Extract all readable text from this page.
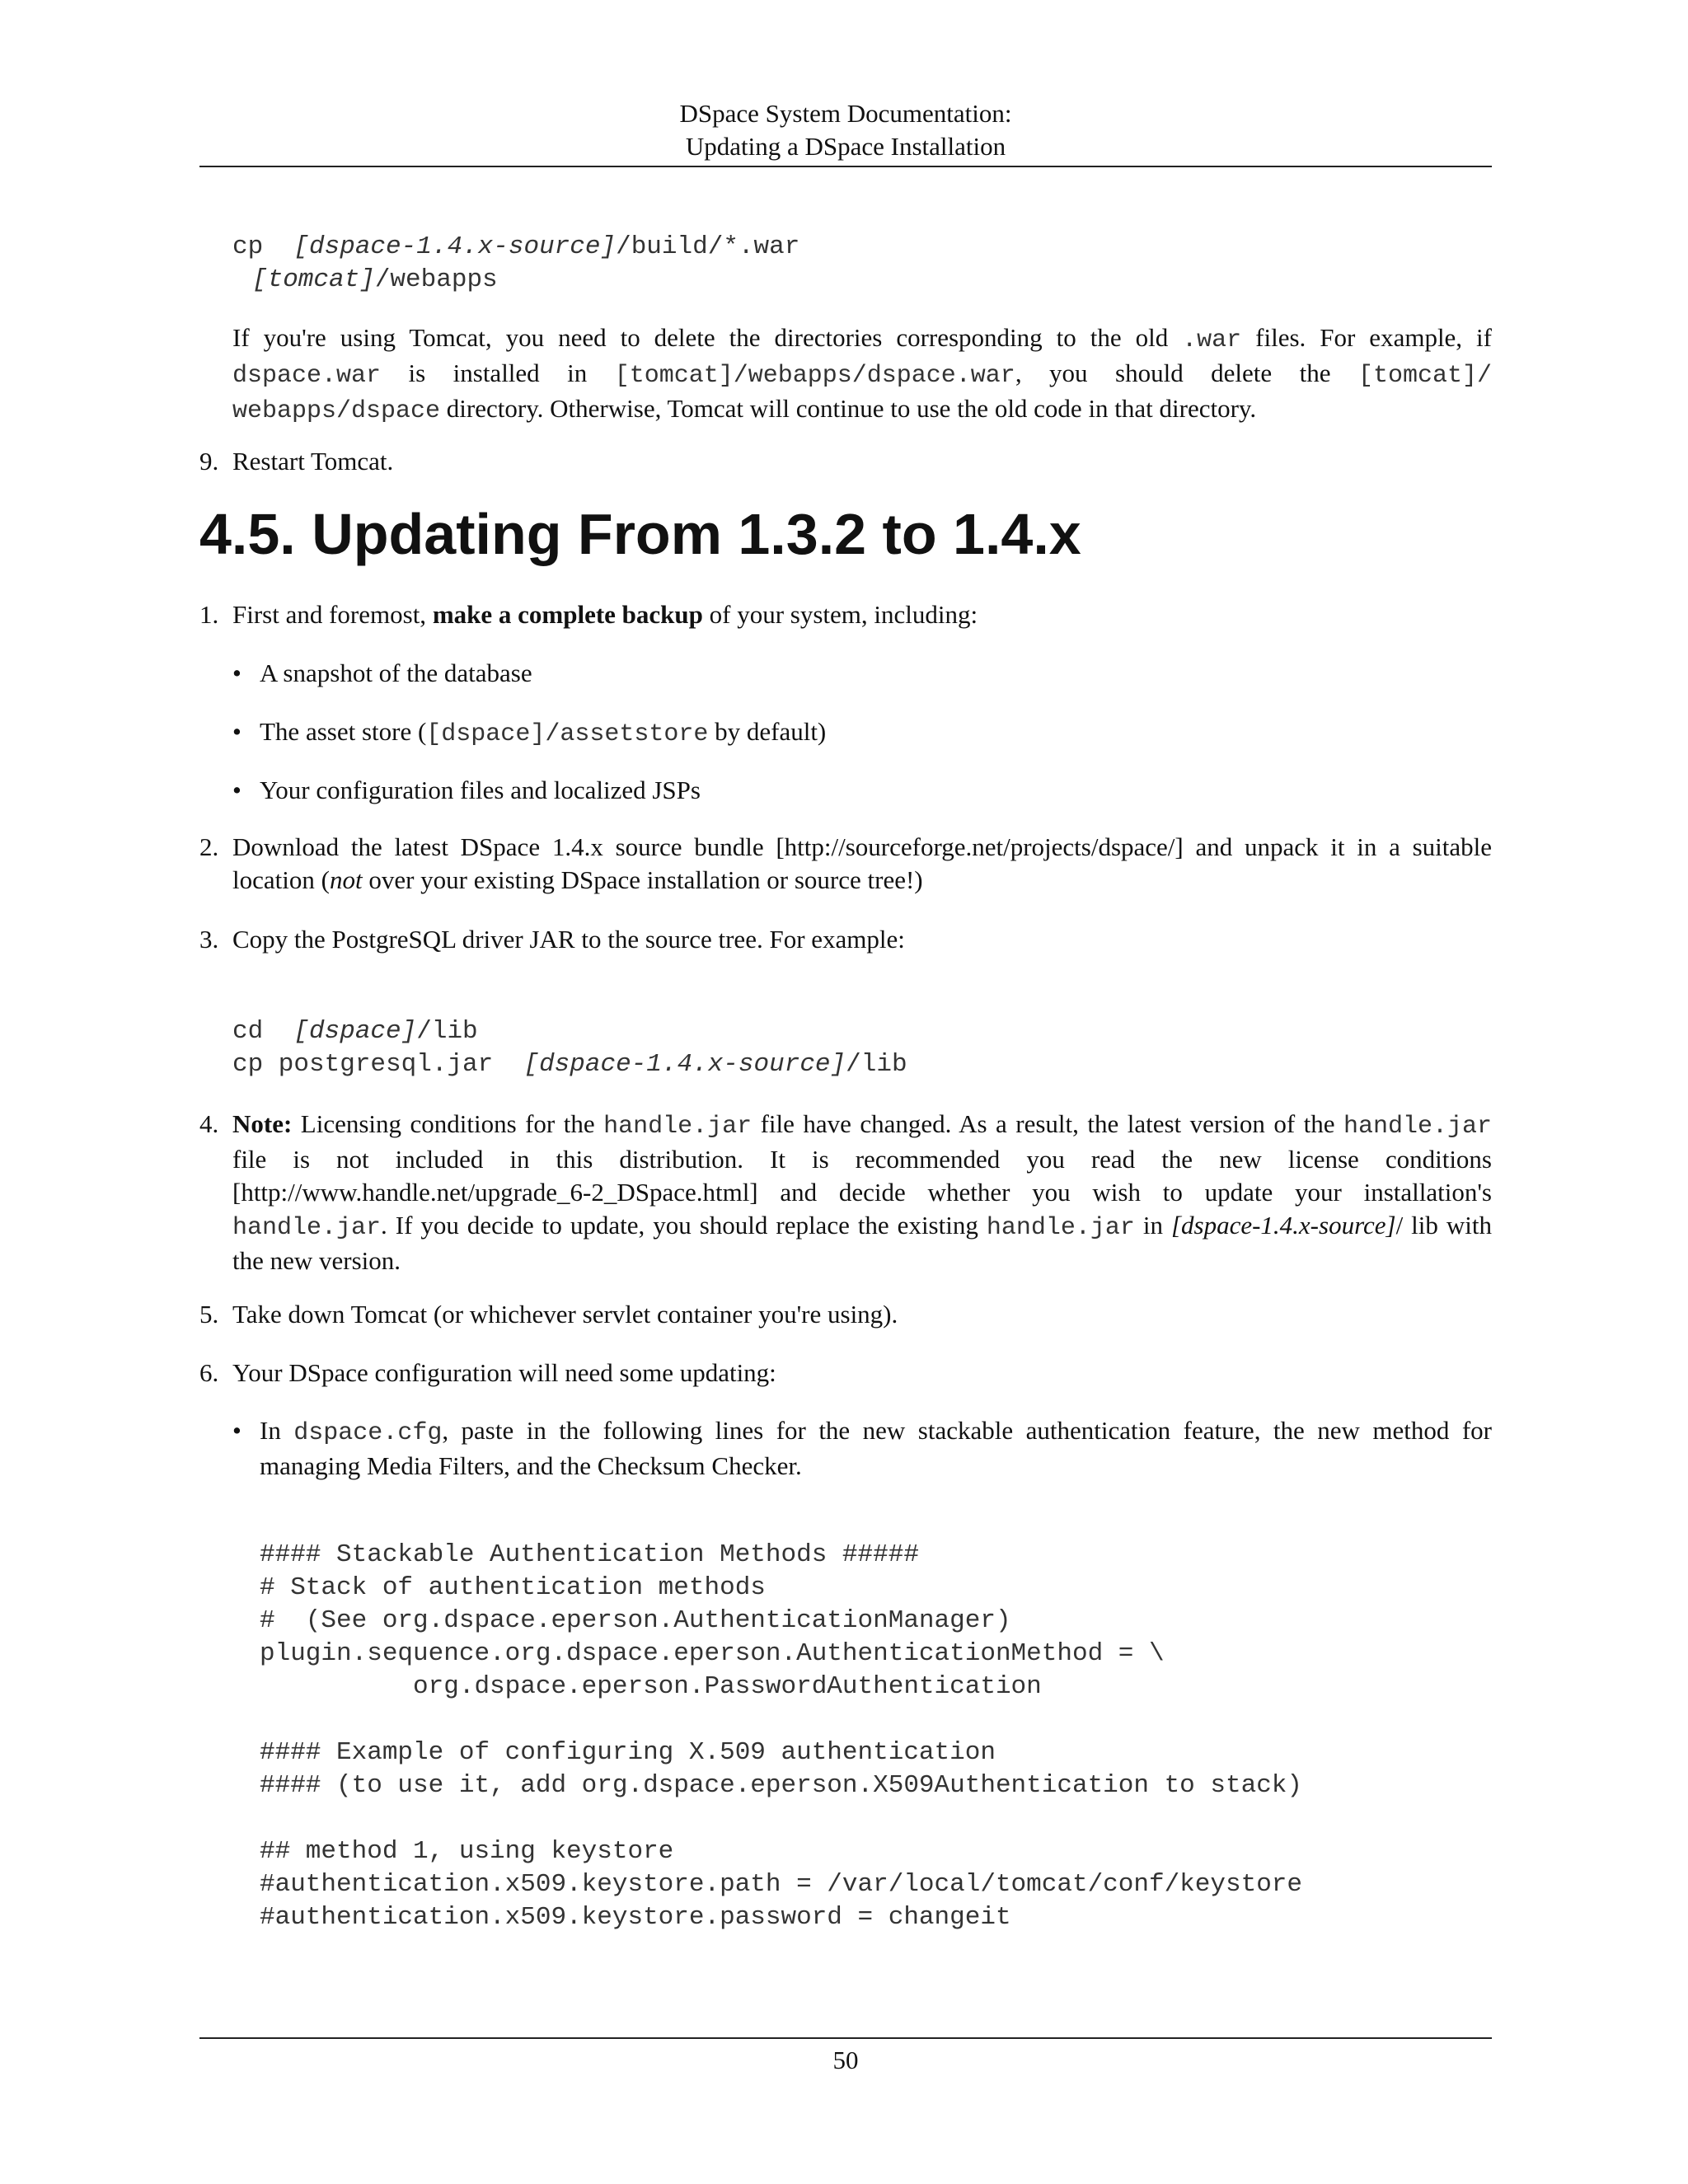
DSpace System Documentation:
Updating a DSpace Installation
cp  [dspace-1.4.x-source]/build/*.war
[tomcat]/webapps
If you're using Tomcat, you need to delete the directories corresponding to the old .war files. For example, if dspace.war is installed in [tomcat]/webapps/dspace.war, you should delete the [tomcat]/ webapps/dspace directory. Otherwise, Tomcat will continue to use the old code in that directory.
9. Restart Tomcat.
4.5. Updating From 1.3.2 to 1.4.x
1. First and foremost, make a complete backup of your system, including:
• A snapshot of the database
• The asset store ([dspace]/assetstore by default)
• Your configuration files and localized JSPs
2. Download the latest DSpace 1.4.x source bundle [http://sourceforge.net/projects/dspace/] and unpack it in a suitable location (not over your existing DSpace installation or source tree!)
3. Copy the PostgreSQL driver JAR to the source tree. For example:
cd  [dspace]/lib
cp postgresql.jar  [dspace-1.4.x-source]/lib
4. Note: Licensing conditions for the handle.jar file have changed. As a result, the latest version of the handle.jar file is not included in this distribution. It is recommended you read the new license conditions [http://www.handle.net/upgrade_6-2_DSpace.html] and decide whether you wish to update your installation's handle.jar. If you decide to update, you should replace the existing handle.jar in [dspace-1.4.x-source]/ lib with the new version.
5. Take down Tomcat (or whichever servlet container you're using).
6. Your DSpace configuration will need some updating:
• In dspace.cfg, paste in the following lines for the new stackable authentication feature, the new method for managing Media Filters, and the Checksum Checker.
#### Stackable Authentication Methods #####
# Stack of authentication methods
#  (See org.dspace.eperson.AuthenticationManager)
plugin.sequence.org.dspace.eperson.AuthenticationMethod = \
org.dspace.eperson.PasswordAuthentication
#### Example of configuring X.509 authentication
#### (to use it, add org.dspace.eperson.X509Authentication to stack)
## method 1, using keystore
#authentication.x509.keystore.path = /var/local/tomcat/conf/keystore
#authentication.x509.keystore.password = changeit
50
